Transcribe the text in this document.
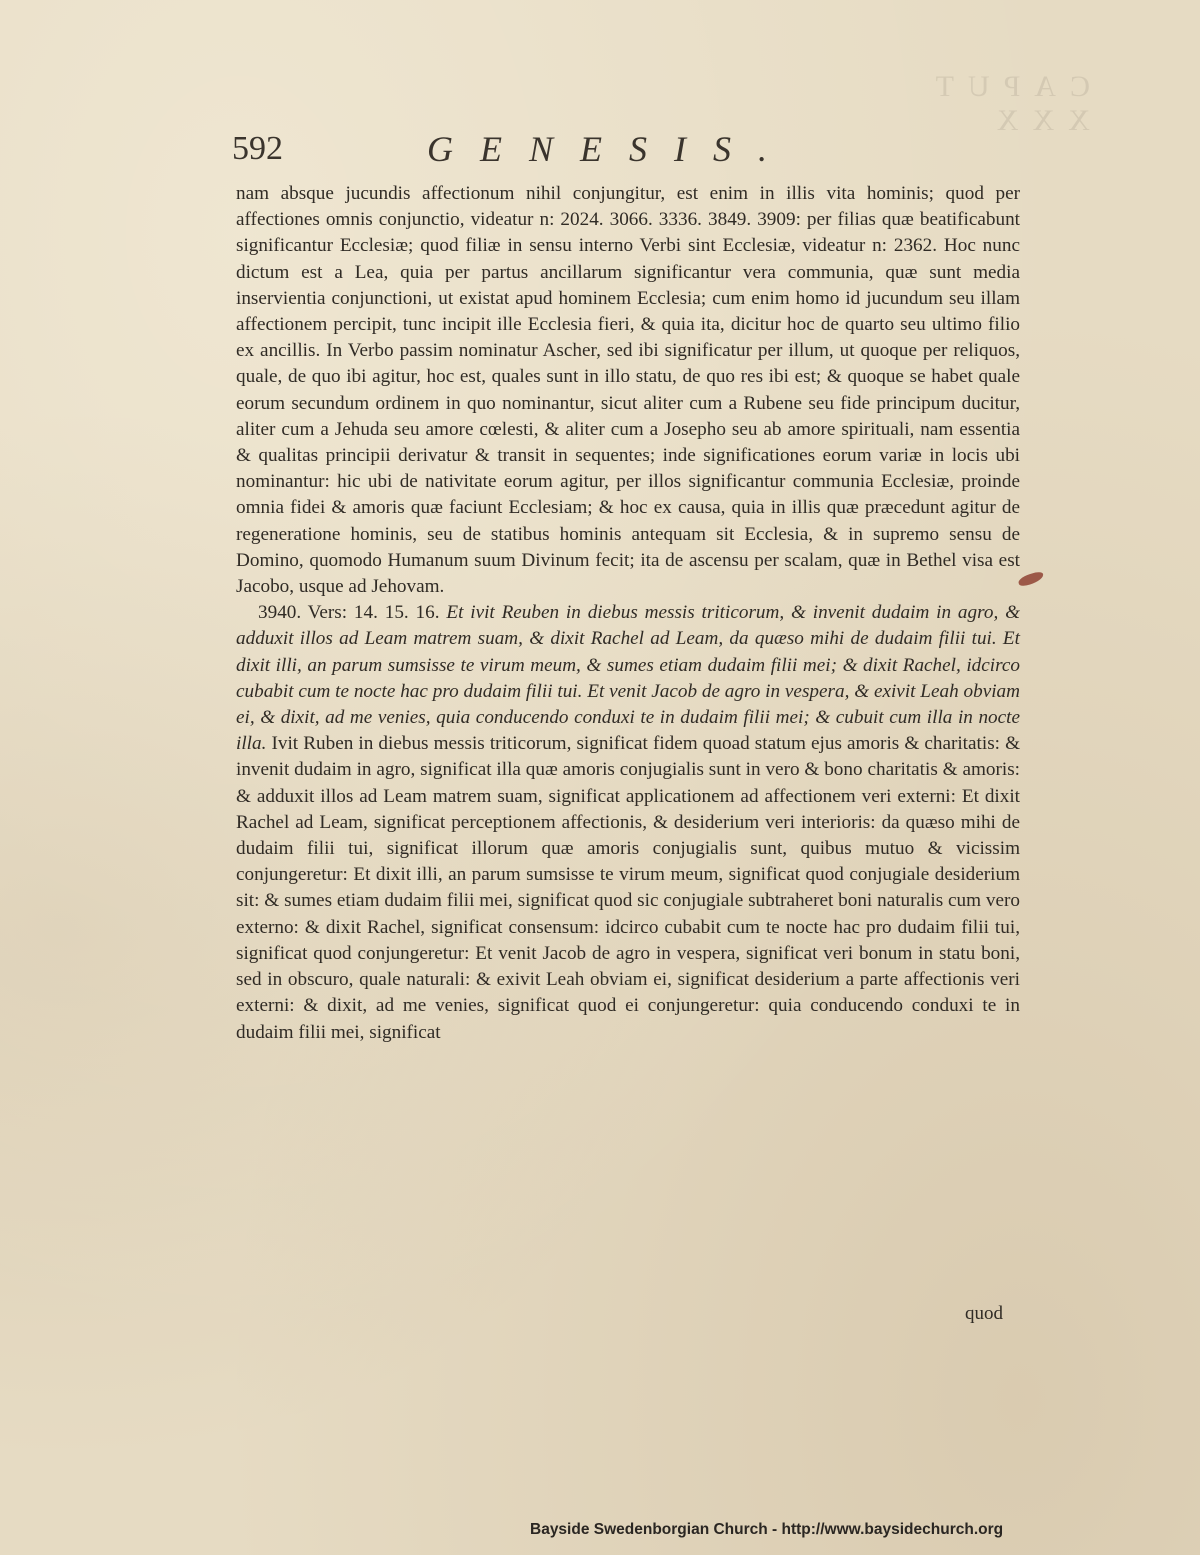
CAPUT XXX
592	GENESIS.

nam absque jucundis affectionum nihil conjungitur, est enim in illis vita hominis; quod per affectiones omnis conjunctio, videatur n: 2024. 3066. 3336. 3849. 3909: per filias quæ beatificabunt significantur Ecclesiæ; quod filiæ in sensu interno Verbi sint Ecclesiæ, videatur n: 2362. Hoc nunc dictum est a Lea, quia per partus ancillarum significantur vera communia, quæ sunt media inservientia conjunctioni, ut existat apud hominem Ecclesia; cum enim homo id jucundum seu illam affectionem percipit, tunc incipit ille Ecclesia fieri, & quia ita, dicitur hoc de quarto seu ultimo filio ex ancillis. In Verbo passim nominatur Ascher, sed ibi significatur per illum, ut quoque per reliquos, quale, de quo ibi agitur, hoc est, quales sunt in illo statu, de quo res ibi est; & quoque se habet quale eorum secundum ordinem in quo nominantur, sicut aliter cum a Rubene seu fide principum ducitur, aliter cum a Jehuda seu amore cœlesti, & aliter cum a Josepho seu ab amore spirituali, nam essentia & qualitas principii derivatur & transit in sequentes; inde significationes eorum variæ in locis ubi nominantur: hic ubi de nativitate eorum agitur, per illos significantur communia Ecclesiæ, proinde omnia fidei & amoris quæ faciunt Ecclesiam; & hoc ex causa, quia in illis quæ præcedunt agitur de regeneratione hominis, seu de statibus hominis antequam sit Ecclesia, & in supremo sensu de Domino, quomodo Humanum suum Divinum fecit; ita de ascensu per scalam, quæ in Bethel visa est Jacobo, usque ad Jehovam.

3940. Vers: 14. 15. 16. Et ivit Reuben in diebus messis triticorum, & invenit dudaim in agro, & adduxit illos ad Leam matrem suam, & dixit Rachel ad Leam, da quæso mihi de dudaim filii tui. Et dixit illi, an parum sumsisse te virum meum, & sumes etiam dudaim filii mei; & dixit Rachel, idcirco cubabit cum te nocte hac pro dudaim filii tui. Et venit Jacob de agro in vespera, & exivit Leah obviam ei, & dixit, ad me venies, quia conducendo conduxi te in dudaim filii mei; & cubuit cum illa in nocte illa. Ivit Ruben in diebus messis triticorum, significat fidem quoad statum ejus amoris & charitatis: & invenit dudaim in agro, significat illa quæ amoris conjugialis sunt in vero & bono charitatis & amoris: & adduxit illos ad Leam matrem suam, significat applicationem ad affectionem veri externi: Et dixit Rachel ad Leam, significat perceptionem affectionis, & desiderium veri interioris: da quæso mihi de dudaim filii tui, significat illorum quæ amoris conjugialis sunt, quibus mutuo & vicissim conjungeretur: Et dixit illi, an parum sumsisse te virum meum, significat quod conjugiale desiderium sit: & sumes etiam dudaim filii mei, significat quod sic conjugiale subtraheret boni naturalis cum vero externo: & dixit Rachel, significat consensum: idcirco cubabit cum te nocte hac pro dudaim filii tui, significat quod conjungeretur: Et venit Jacob de agro in vespera, significat veri bonum in statu boni, sed in obscuro, quale naturali: & exivit Leah obviam ei, significat desiderium a parte affectionis veri externi: & dixit, ad me venies, significat quod ei conjungeretur: quia conducendo conduxi te in dudaim filii mei, significat

quod
Bayside Swedenborgian Church - http://www.baysidechurch.org
